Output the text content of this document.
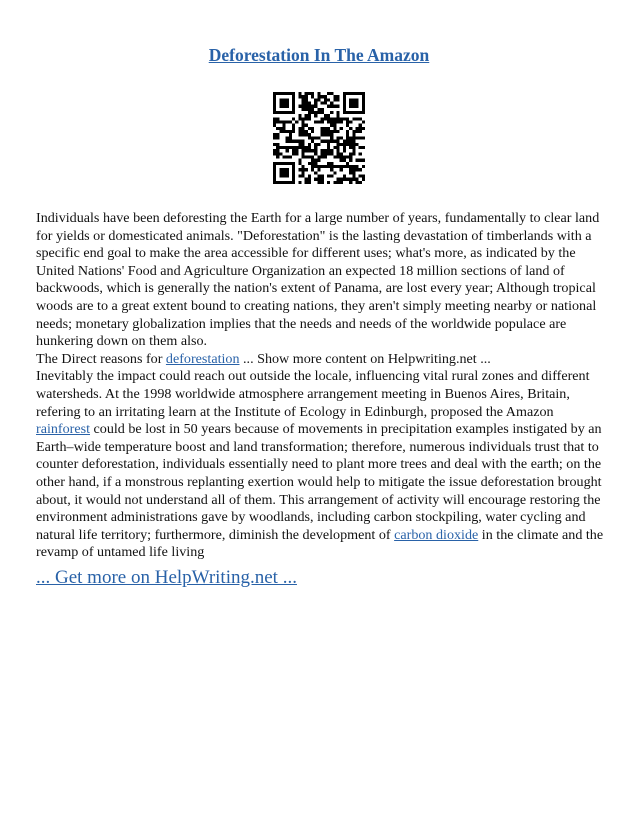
Deforestation In The Amazon

Individuals have been deforesting the Earth for a large number of years, fundamentally to clear land for yields or domesticated animals. "Deforestation" is the lasting devastation of timberlands with a specific end goal to make the area accessible for different uses; what's more, as indicated by the United Nations' Food and Agriculture Organization an expected 18 million sections of land of backwoods, which is generally the nation's extent of Panama, are lost every year; Although tropical woods are to a great extent bound to creating nations, they aren't simply meeting nearby or national needs; monetary globalization implies that the needs and needs of the worldwide populace are hunkering down on them also.

The Direct reasons for deforestation ... Show more content on Helpwriting.net ...

Inevitably the impact could reach out outside the locale, influencing vital rural zones and different watersheds. At the 1998 worldwide atmosphere arrangement meeting in Buenos Aires, Britain, refering to an irritating learn at the Institute of Ecology in Edinburgh, proposed the Amazon rainforest could be lost in 50 years because of movements in precipitation examples instigated by an Earth–wide temperature boost and land transformation; therefore, numerous individuals trust that to counter deforestation, individuals essentially need to plant more trees and deal with the earth; on the other hand, if a monstrous replanting exertion would help to mitigate the issue deforestation brought about, it would not understand all of them. This arrangement of activity will encourage restoring the environment administrations gave by woodlands, including carbon stockpiling, water cycling and natural life territory; furthermore, diminish the development of carbon dioxide in the climate and the revamp of untamed life living

... Get more on HelpWriting.net ...
